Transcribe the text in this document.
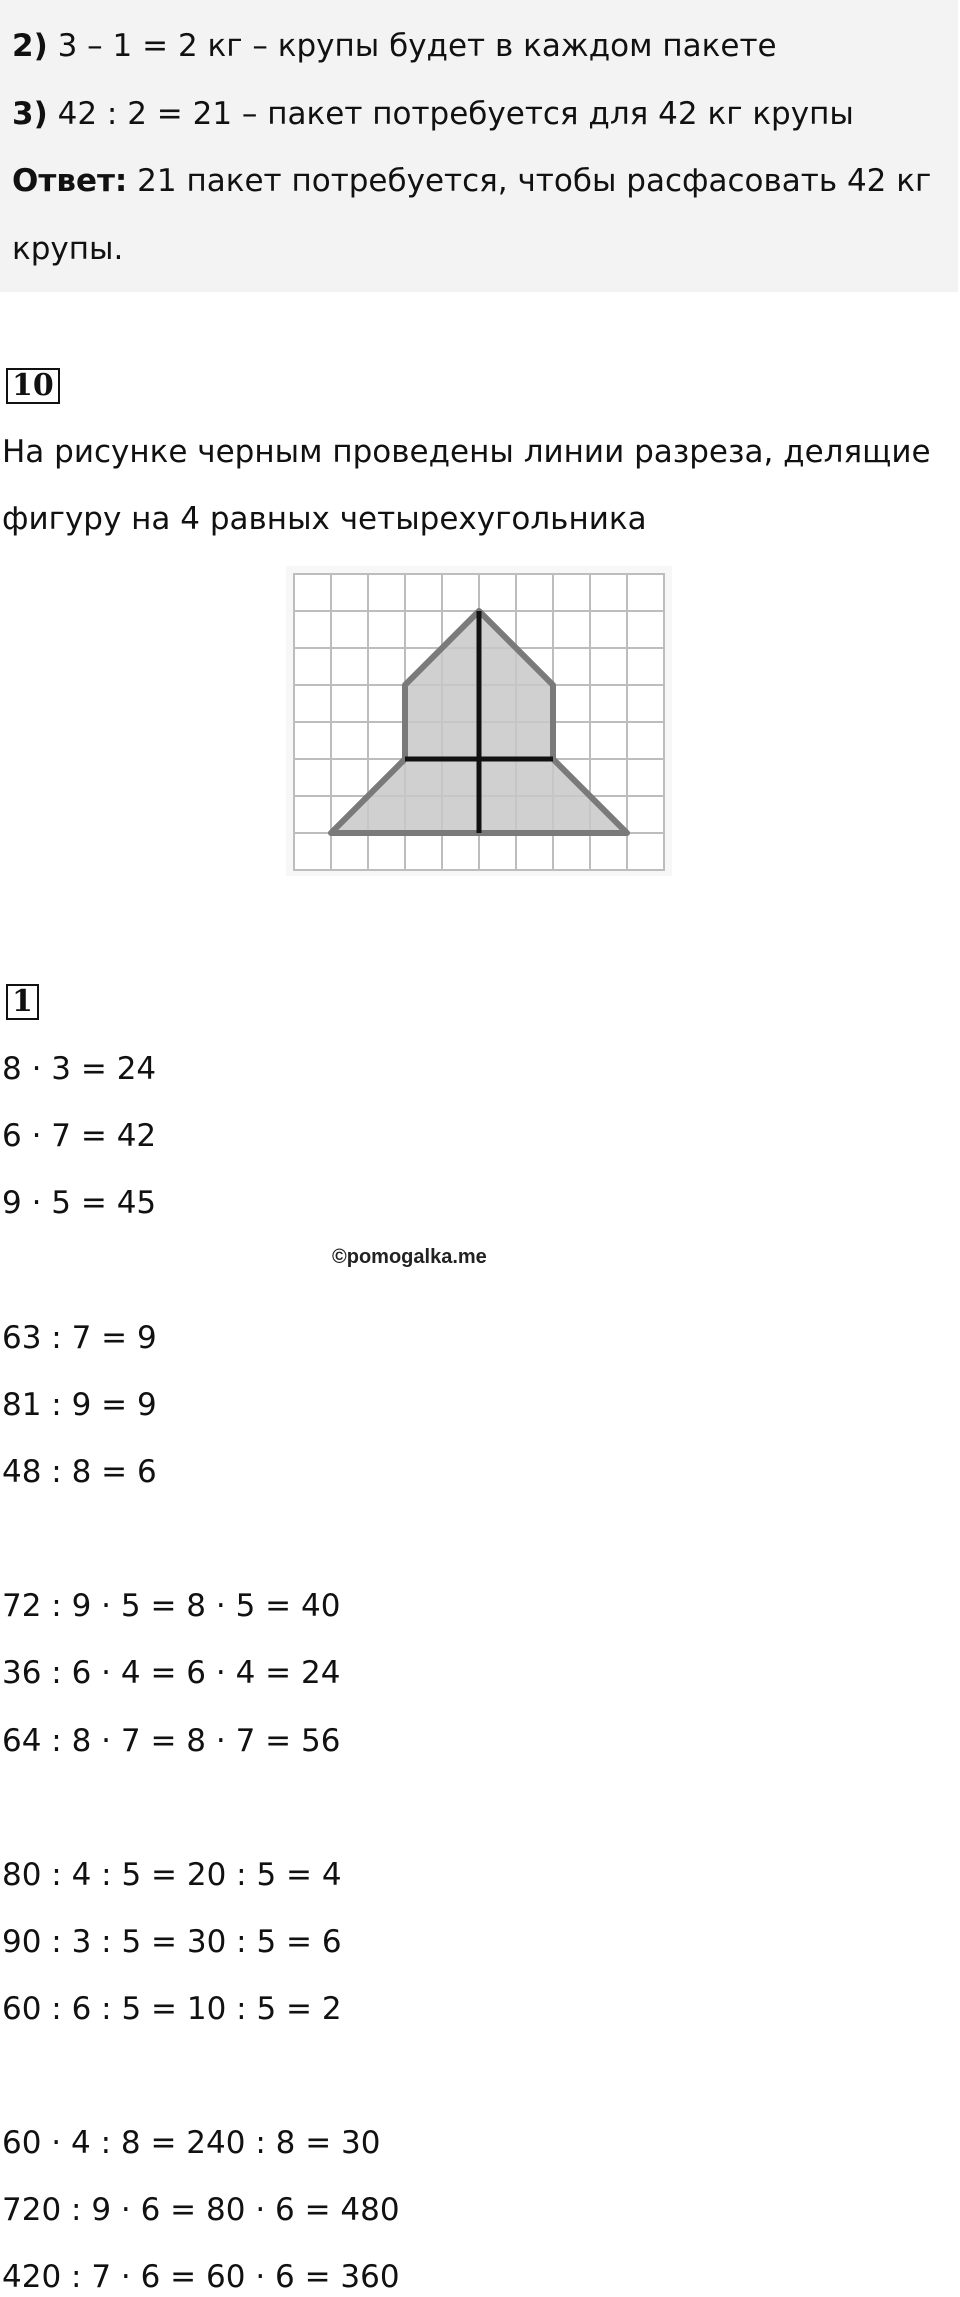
2) 3 – 1 = 2 кг – крупы будет в каждом пакете
3) 42 : 2 = 21 – пакет потребуется для 42 кг крупы
Ответ: 21 пакет потребуется, чтобы расфасовать 42 кг
крупы.
10
На рисунке черным проведены линии разреза, делящие
фигуру на 4 равных четырехугольника
1
8 · 3 = 24
6 · 7 = 42
9 · 5 = 45
©pomogalka.me
63 : 7 = 9
81 : 9 = 9
48 : 8 = 6
72 : 9 · 5 = 8 · 5 = 40
36 : 6 · 4 = 6 · 4 = 24
64 : 8 · 7 = 8 · 7 = 56
80 : 4 : 5 = 20 : 5 = 4
90 : 3 : 5 = 30 : 5 = 6
60 : 6 : 5 = 10 : 5 = 2
60 · 4 : 8 = 240 : 8 = 30
720 : 9 · 6 = 80 · 6 = 480
420 : 7 · 6 = 60 · 6 = 360
